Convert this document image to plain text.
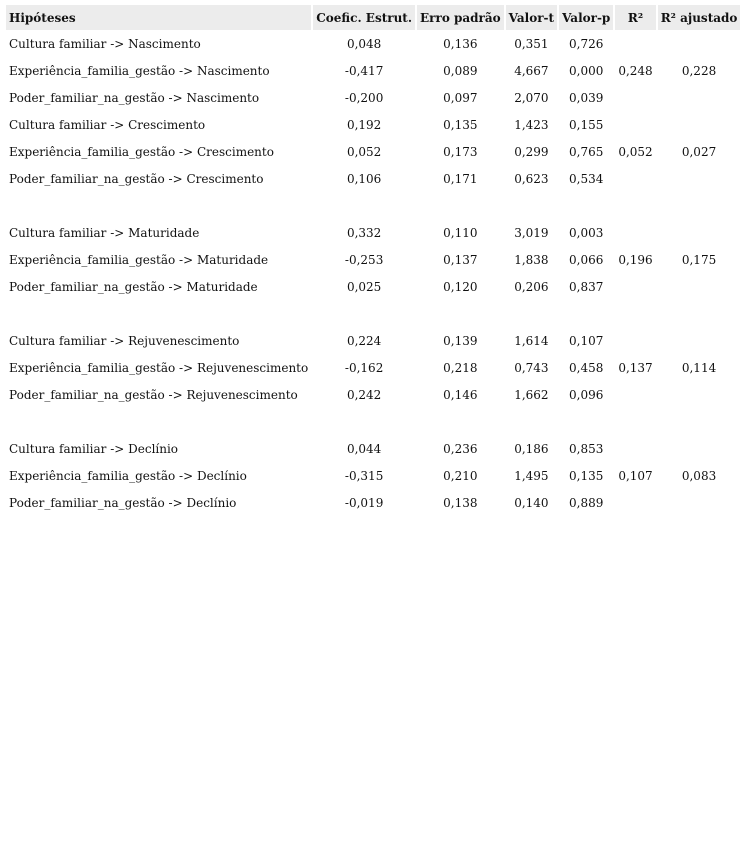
Hipóteses	Coefic. Estrut.	Erro padrão	Valor-t	Valor-p	R²	R² ajustado
Cultura familiar -> Nascimento	0,048	0,136	0,351	0,726		
Experiência_familia_gestão -> Nascimento	-0,417	0,089	4,667	0,000	0,248	0,228
Poder_familiar_na_gestão -> Nascimento	-0,200	0,097	2,070	0,039		
Cultura familiar -> Crescimento	0,192	0,135	1,423	0,155		
Experiência_familia_gestão -> Crescimento	0,052	0,173	0,299	0,765	0,052	0,027
Poder_familiar_na_gestão -> Crescimento	0,106	0,171	0,623	0,534		

Cultura familiar -> Maturidade	0,332	0,110	3,019	0,003		
Experiência_familia_gestão -> Maturidade	-0,253	0,137	1,838	0,066	0,196	0,175
Poder_familiar_na_gestão -> Maturidade	0,025	0,120	0,206	0,837		

Cultura familiar -> Rejuvenescimento	0,224	0,139	1,614	0,107		
Experiência_familia_gestão -> Rejuvenescimento	-0,162	0,218	0,743	0,458	0,137	0,114
Poder_familiar_na_gestão -> Rejuvenescimento	0,242	0,146	1,662	0,096		

Cultura familiar -> Declínio	0,044	0,236	0,186	0,853		
Experiência_familia_gestão -> Declínio	-0,315	0,210	1,495	0,135	0,107	0,083
Poder_familiar_na_gestão -> Declínio	-0,019	0,138	0,140	0,889		
